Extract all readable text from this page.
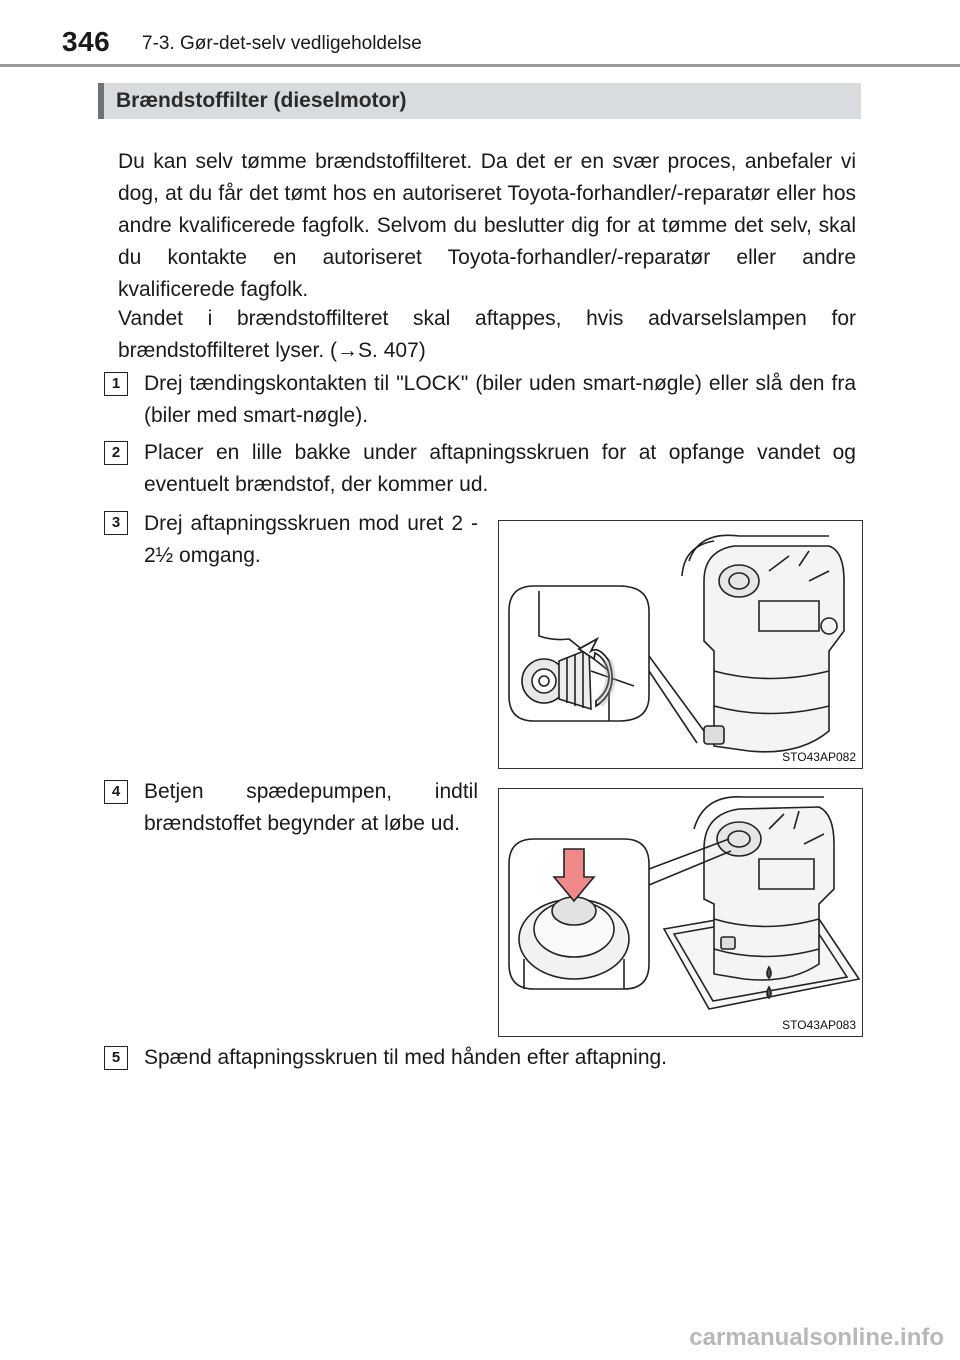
346 7-3. Gør-det-selv vedligeholdelse
Brændstoffilter (dieselmotor)
Du kan selv tømme brændstoffilteret. Da det er en svær proces, anbefaler vi dog, at du får det tømt hos en autoriseret Toyota-forhandler/-reparatør eller hos andre kvalificerede fagfolk. Selvom du beslutter dig for at tømme det selv, skal du kontakte en autoriseret Toyota-forhandler/-reparatør eller andre kvalificerede fagfolk.
Vandet i brændstoffilteret skal aftappes, hvis advarselslampen for brændstoffilteret lyser. (→S. 407)
1	Drej tændingskontakten til "LOCK" (biler uden smart-nøgle) eller slå den fra (biler med smart-nøgle).
2	Placer en lille bakke under aftapningsskruen for at opfange vandet og eventuelt brændstof, der kommer ud.
3	Drej aftapningsskruen mod uret 2 - 2½ omgang.
STO43AP082
4	Betjen spædepumpen, indtil brændstoffet begynder at løbe ud.
STO43AP083
5	Spænd aftapningsskruen til med hånden efter aftapning.
carmanualsonline.info
